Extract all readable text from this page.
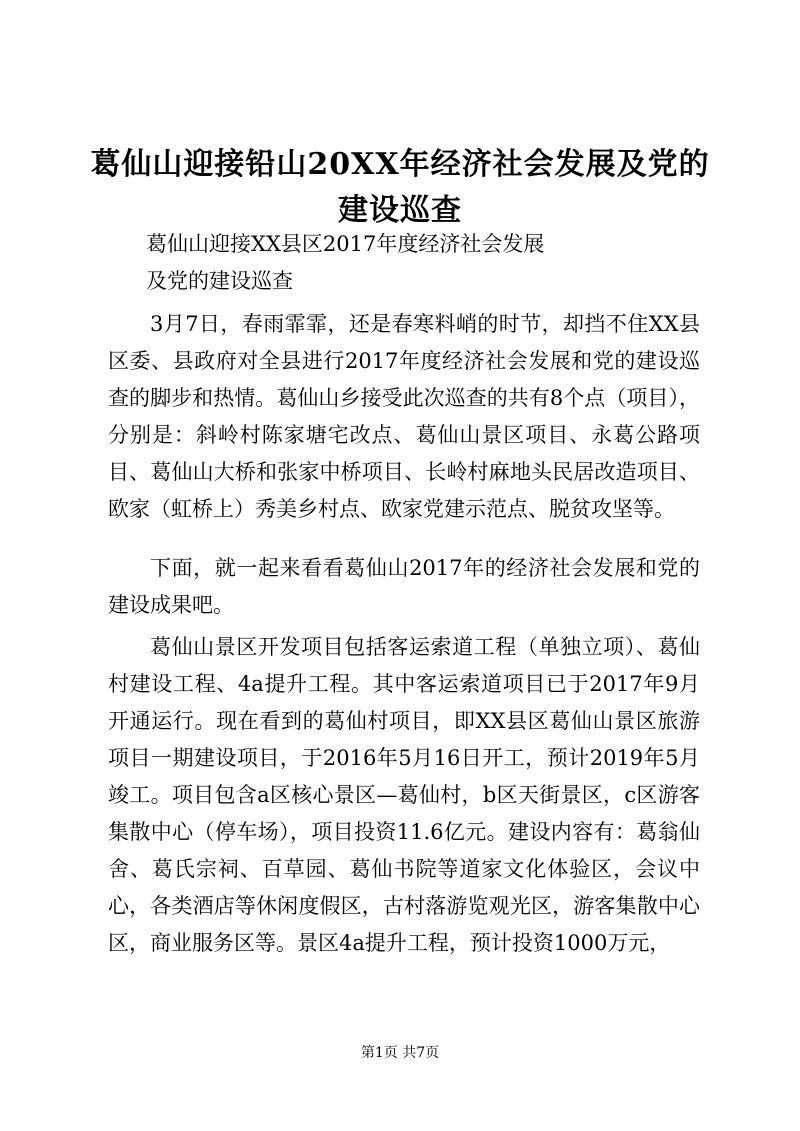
葛仙山迎接铅山20XX年经济社会发展及党的建设巡查
葛仙山迎接XX县区2017年度经济社会发展
及党的建设巡查

3月7日，春雨霏霏，还是春寒料峭的时节，却挡不住XX县区委、县政府对全县进行2017年度经济社会发展和党的建设巡查的脚步和热情。葛仙山乡接受此次巡查的共有8个点（项目），分别是：斜岭村陈家塘宅改点、葛仙山景区项目、永葛公路项目、葛仙山大桥和张家中桥项目、长岭村麻地头民居改造项目、欧家（虹桥上）秀美乡村点、欧家党建示范点、脱贫攻坚等。

下面，就一起来看看葛仙山2017年的经济社会发展和党的建设成果吧。

葛仙山景区开发项目包括客运索道工程（单独立项）、葛仙村建设工程、4a提升工程。其中客运索道项目已于2017年9月开通运行。现在看到的葛仙村项目，即XX县区葛仙山景区旅游项目一期建设项目，于2016年5月16日开工，预计2019年5月竣工。项目包含a区核心景区—葛仙村，b区天街景区，c区游客集散中心（停车场），项目投资11.6亿元。建设内容有：葛翁仙舍、葛氏宗祠、百草园、葛仙书院等道家文化体验区，会议中心，各类酒店等休闲度假区，古村落游览观光区，游客集散中心区，商业服务区等。景区4a提升工程，预计投资1000万元，

第1页 共7页
